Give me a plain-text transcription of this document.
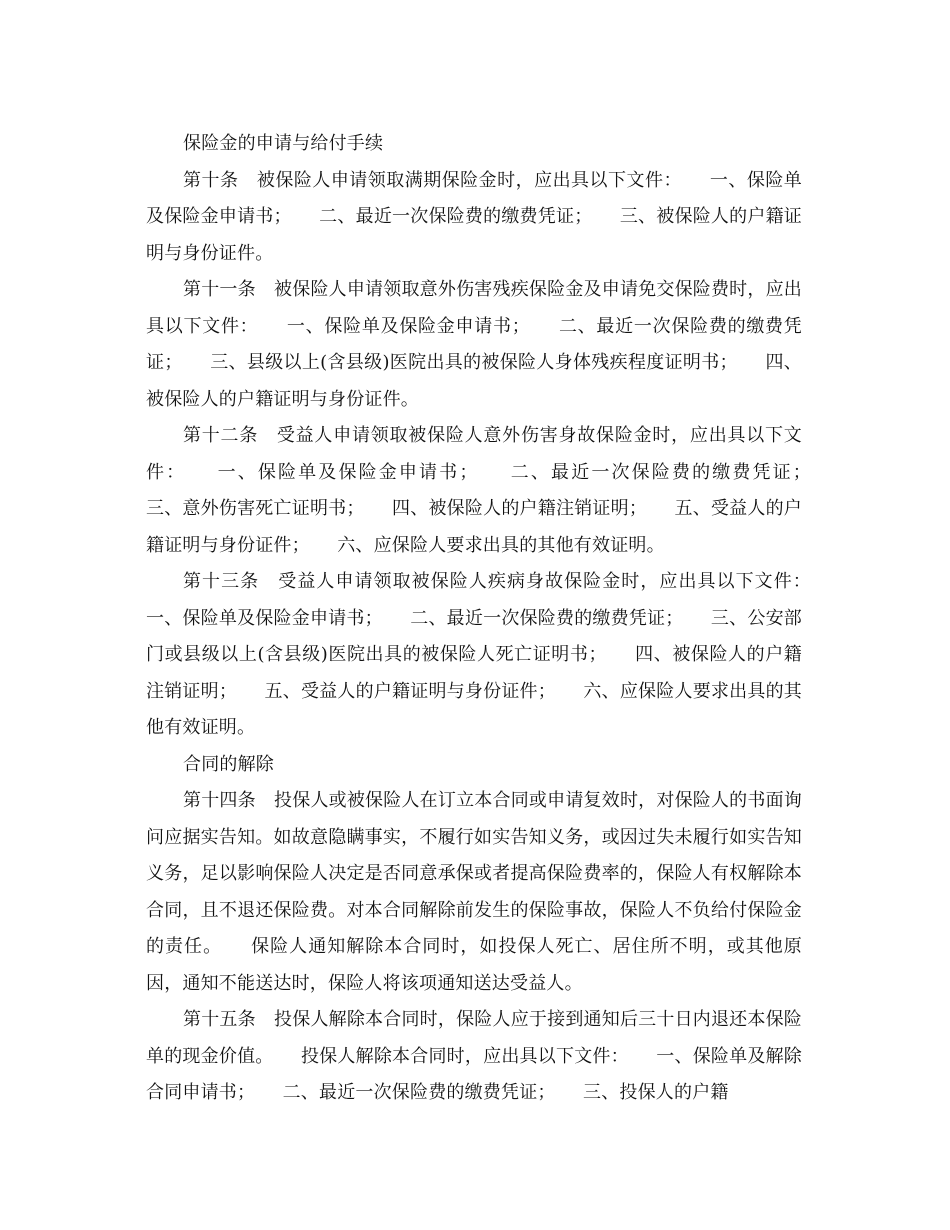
保险金的申请与给付手续

第十条　被保险人申请领取满期保险金时，应出具以下文件：　　一、保险单及保险金申请书；　　二、最近一次保险费的缴费凭证；　　三、被保险人的户籍证明与身份证件。

第十一条　被保险人申请领取意外伤害残疾保险金及申请免交保险费时，应出具以下文件：　　一、保险单及保险金申请书；　　二、最近一次保险费的缴费凭证；　　三、县级以上(含县级)医院出具的被保险人身体残疾程度证明书；　　四、被保险人的户籍证明与身份证件。

第十二条　受益人申请领取被保险人意外伤害身故保险金时，应出具以下文件：　　一、保险单及保险金申请书；　　二、最近一次保险费的缴费凭证；　　三、意外伤害死亡证明书；　　四、被保险人的户籍注销证明；　　五、受益人的户籍证明与身份证件；　　六、应保险人要求出具的其他有效证明。

第十三条　受益人申请领取被保险人疾病身故保险金时，应出具以下文件：　　一、保险单及保险金申请书；　　二、最近一次保险费的缴费凭证；　　三、公安部门或县级以上(含县级)医院出具的被保险人死亡证明书；　　四、被保险人的户籍注销证明；　　五、受益人的户籍证明与身份证件；　　六、应保险人要求出具的其他有效证明。

合同的解除

第十四条　投保人或被保险人在订立本合同或申请复效时，对保险人的书面询问应据实告知。如故意隐瞒事实，不履行如实告知义务，或因过失未履行如实告知义务，足以影响保险人决定是否同意承保或者提高保险费率的，保险人有权解除本合同，且不退还保险费。对本合同解除前发生的保险事故，保险人不负给付保险金的责任。　　保险人通知解除本合同时，如投保人死亡、居住所不明，或其他原因，通知不能送达时，保险人将该项通知送达受益人。

第十五条　投保人解除本合同时，保险人应于接到通知后三十日内退还本保险单的现金价值。　　投保人解除本合同时，应出具以下文件：　　一、保险单及解除合同申请书；　　二、最近一次保险费的缴费凭证；　　三、投保人的户籍
